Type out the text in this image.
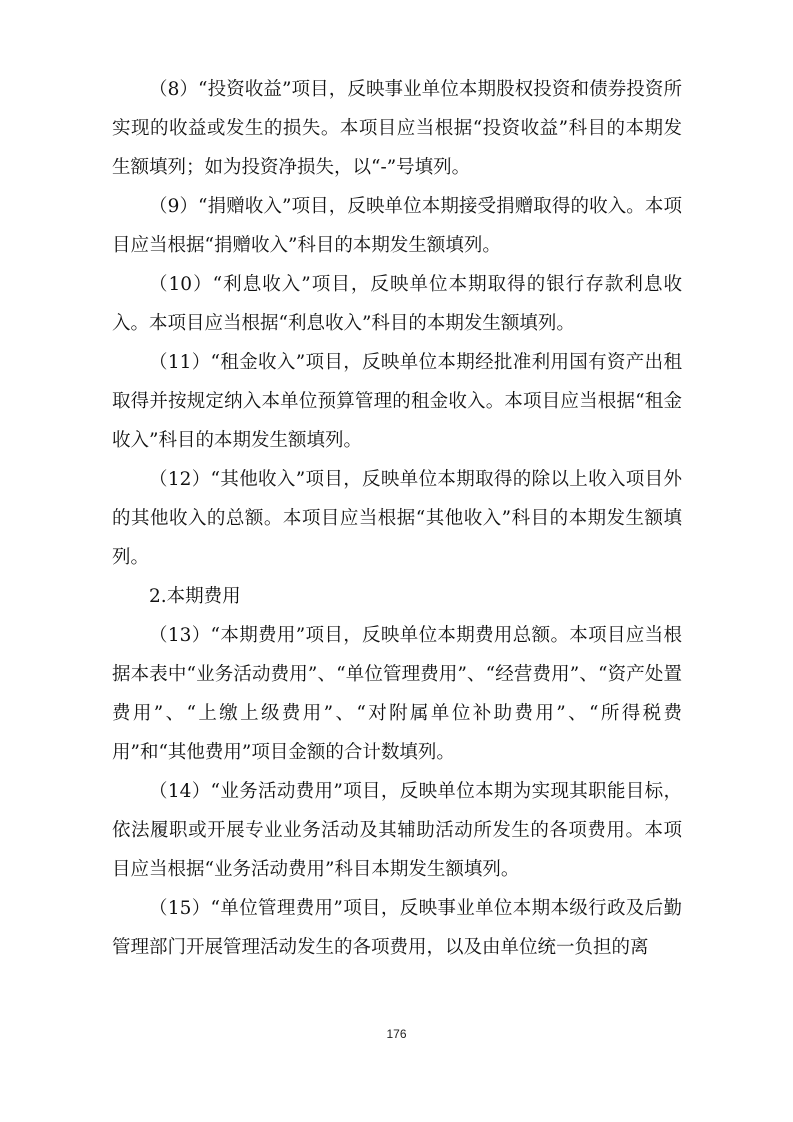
（8）“投资收益”项目，反映事业单位本期股权投资和债券投资所实现的收益或发生的损失。本项目应当根据“投资收益”科目的本期发生额填列；如为投资净损失，以“-”号填列。

（9）“捐赠收入”项目，反映单位本期接受捐赠取得的收入。本项目应当根据“捐赠收入”科目的本期发生额填列。

（10）“利息收入”项目，反映单位本期取得的银行存款利息收入。本项目应当根据“利息收入”科目的本期发生额填列。

（11）“租金收入”项目，反映单位本期经批准利用国有资产出租取得并按规定纳入本单位预算管理的租金收入。本项目应当根据“租金收入”科目的本期发生额填列。

（12）“其他收入”项目，反映单位本期取得的除以上收入项目外的其他收入的总额。本项目应当根据“其他收入”科目的本期发生额填列。

2.本期费用

（13）“本期费用”项目，反映单位本期费用总额。本项目应当根据本表中“业务活动费用”、“单位管理费用”、“经营费用”、“资产处置费用”、“上缴上级费用”、“对附属单位补助费用”、“所得税费用”和“其他费用”项目金额的合计数填列。

（14）“业务活动费用”项目，反映单位本期为实现其职能目标，依法履职或开展专业业务活动及其辅助活动所发生的各项费用。本项目应当根据“业务活动费用”科目本期发生额填列。

（15）“单位管理费用”项目，反映事业单位本期本级行政及后勤管理部门开展管理活动发生的各项费用，以及由单位统一负担的离

176
